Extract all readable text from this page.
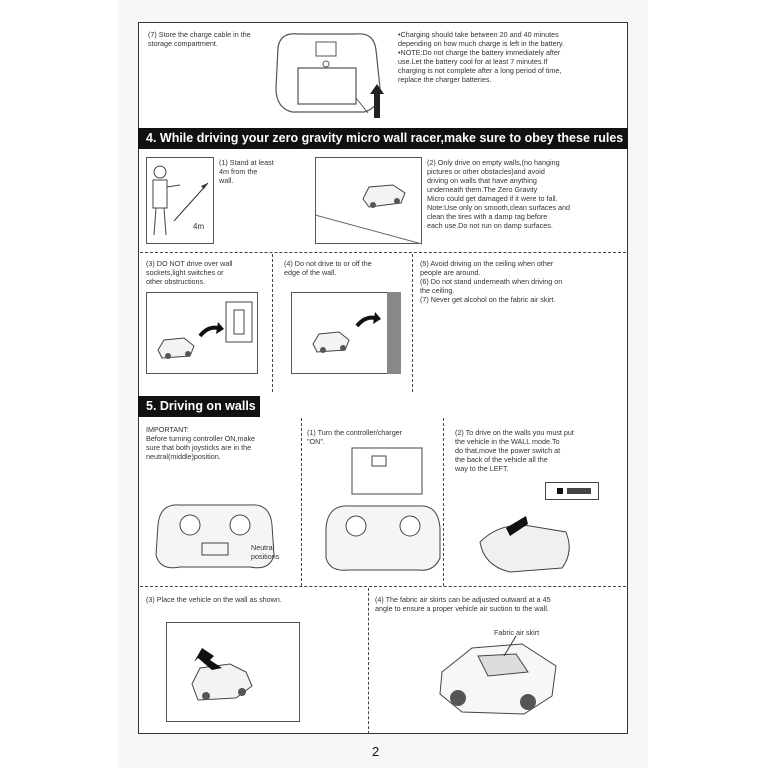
(7) Store the charge cable in the
storage compartment.
•Charging should take between 20 and 40 minutes
depending on how much charge is left in the battery.
•NOTE:Do not charge the battery immediately after
use.Let the battery cool for at least 7 minutes.If
charging is not complete after a long period of time,
replace the charger batteries.
4. While driving your zero gravity micro wall racer,make sure to obey these rules
4m
(1) Stand at least
4m from the
wall.
(2) Only drive on empty walls,(no hanging
pictures or other obstacles)and avoid
driving on walls that have anything
underneath them.The Zero Gravity
Micro could get damaged if it were to fall.
Note:Use only on smooth,clean surfaces and
clean the tires with a damp rag before
each use.Do not run on damp surfaces.
(3) DO NOT drive over wall
sockets,light switches or
other obstructions.
(4) Do not drive to or off the
edge of the wall.
(5) Avoid driving on the ceiling when other
people are around.
(6) Do not stand underneath when driving on
the ceiling.
(7) Never get alcohol on the fabric air skirt.
5. Driving on walls
IMPORTANT:
Before turning controller ON,make
sure that both joysticks are in the
neutral(middle)position.
Neutral
positions
(1) Turn the controller/charger
"ON".
(2) To drive on the walls you must put
the vehicle in the WALL mode.To
do that,move the power switch at
the back of the vehicle all the
way to the LEFT.
(3) Place the vehicle on the wall as shown.	(4) The fabric air skirts can be adjusted outward at a 45
angle to ensure a proper vehicle air suction to the wall.
Fabric air skirt
2
